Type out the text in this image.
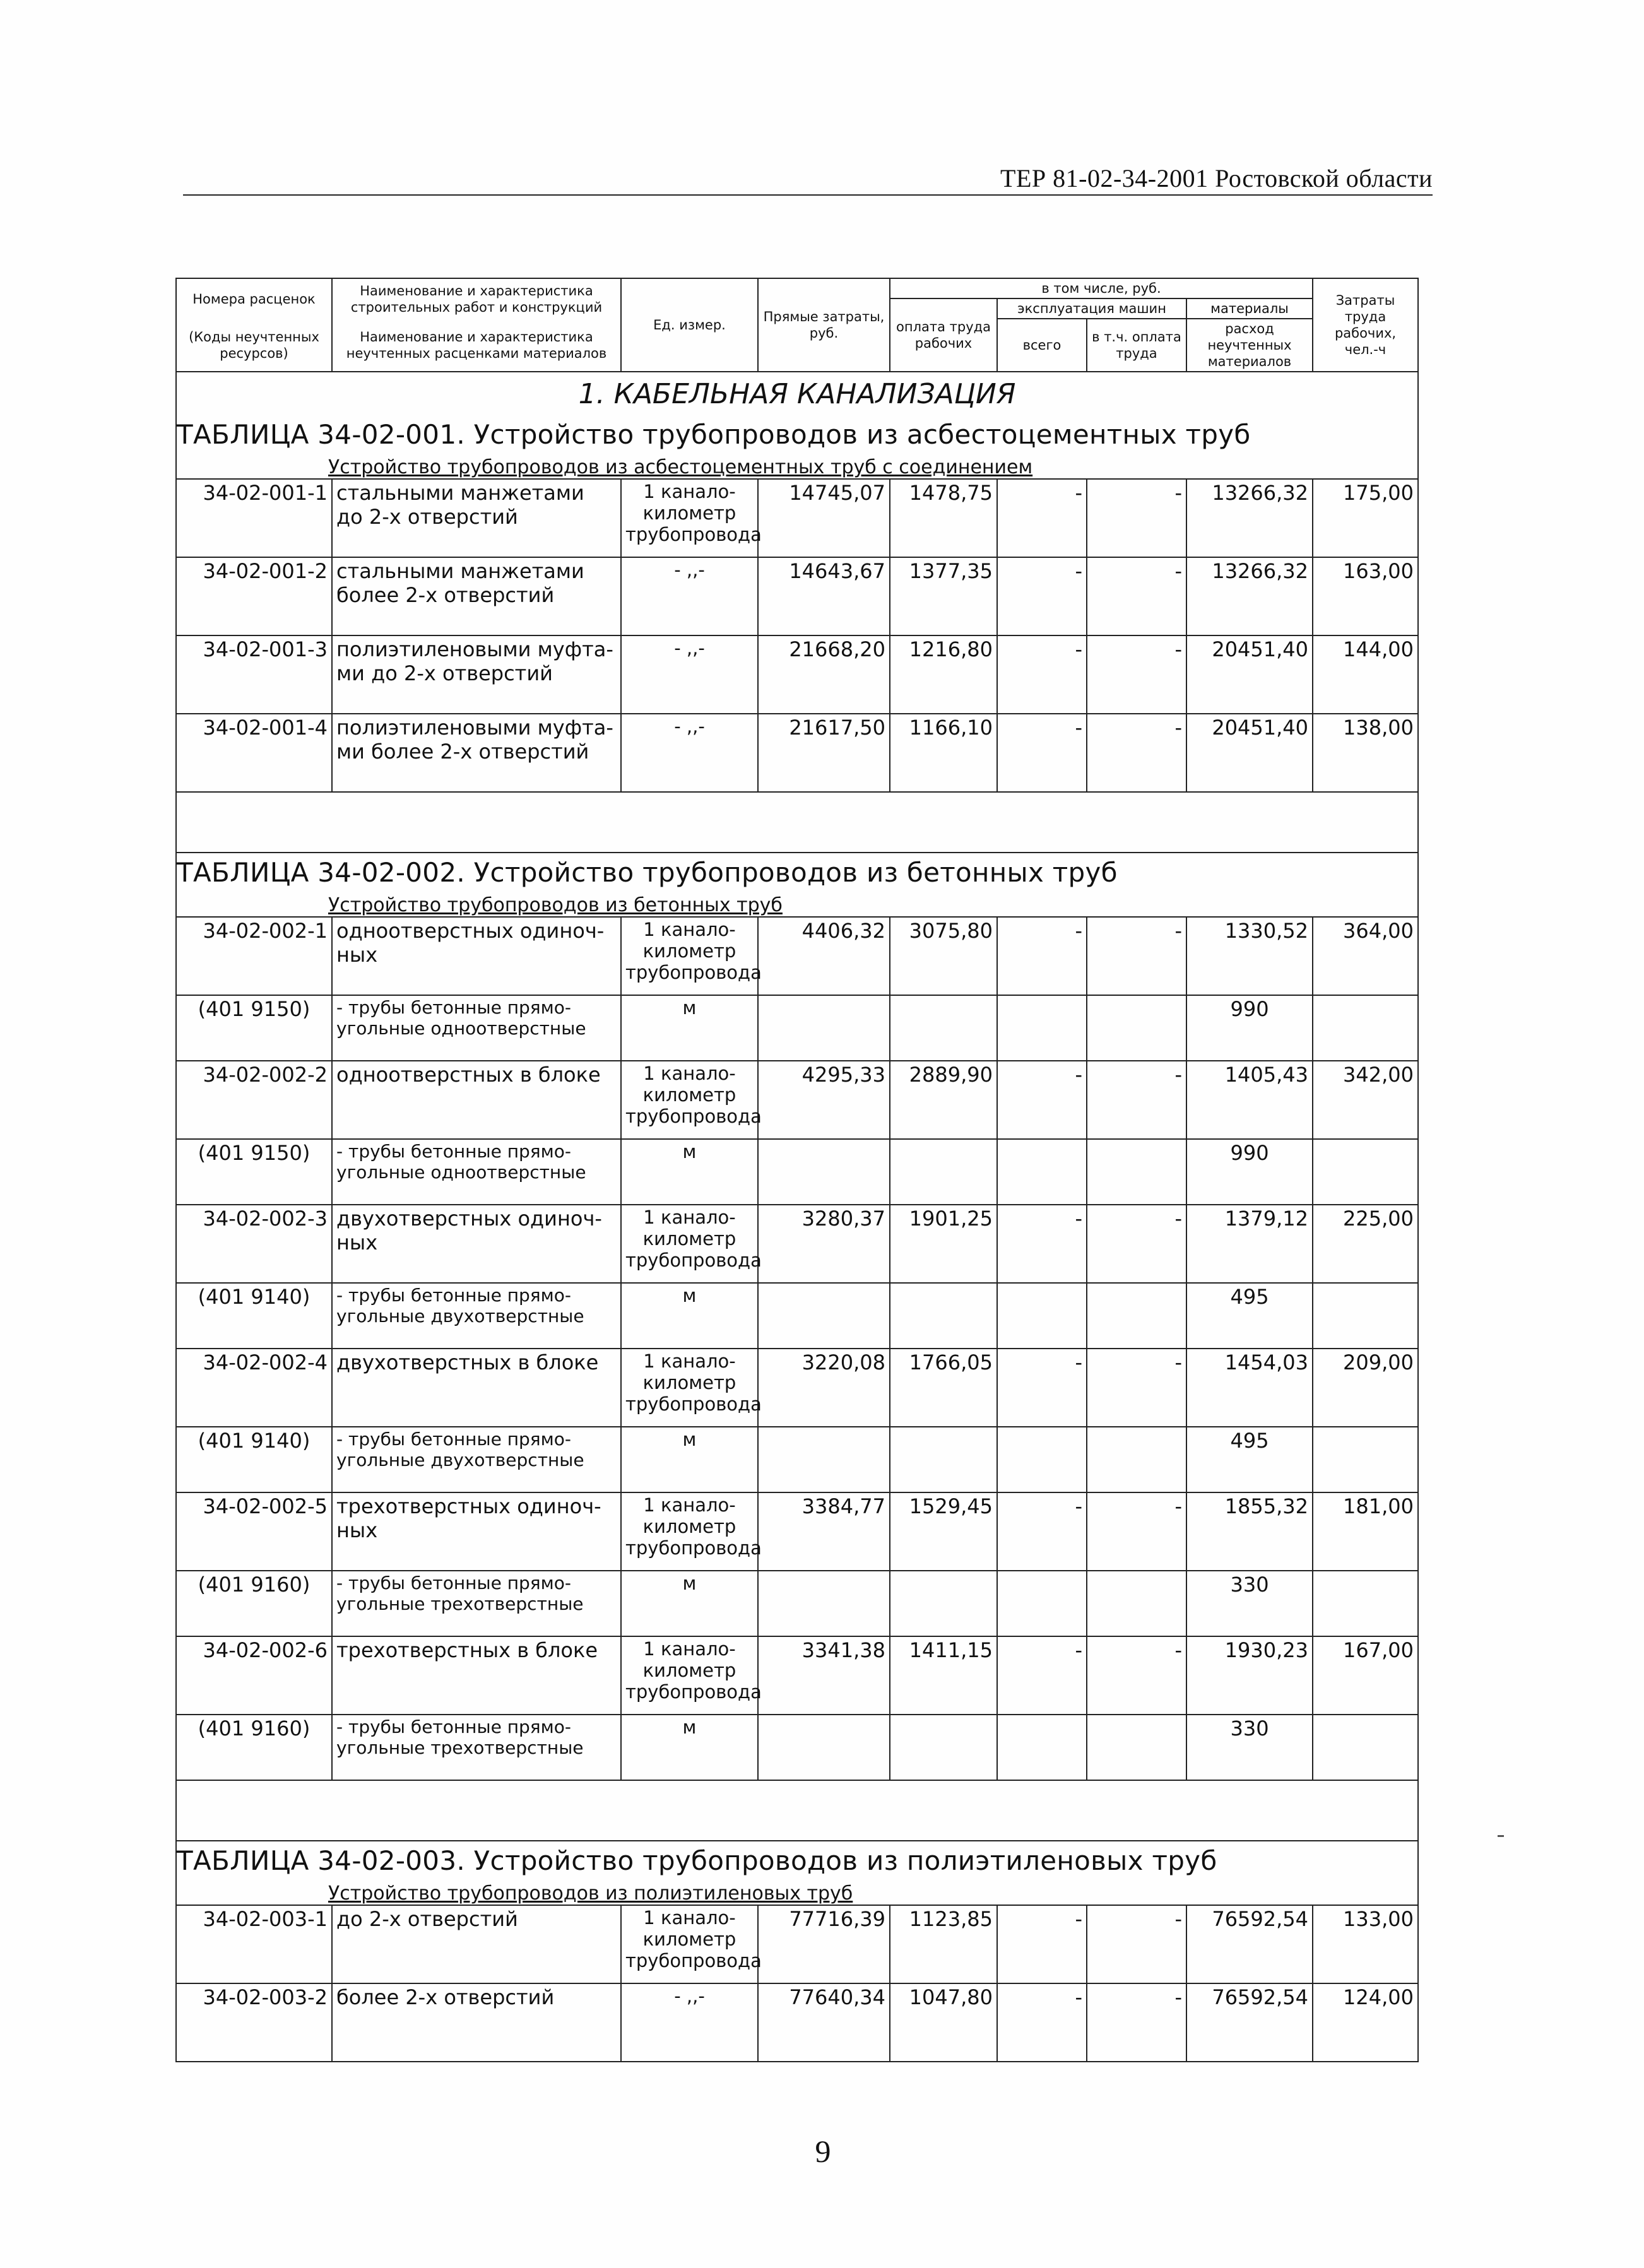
ТЕР 81-02-34-2001 Ростовской области
Номера расценок	Наименование и характеристика строительных работ и конструкций	Ед. измер.	Прямые затраты, руб.	в том числе, руб.				Затраты труда рабочих, чел.-ч
				оплата труда рабочих	эксплуатация машин		материалы	
(Коды неучтенных ресурсов)	Наименование и характеристика неучтенных расценками материалов				всего	в т.ч. оплата труда	расход неучтенных материалов	
1. КАБЕЛЬНАЯ КАНАЛИЗАЦИЯ								
ТАБЛИЦА 34-02-001. Устройство трубопроводов из асбестоцементных труб								
Устройство трубопроводов из асбестоцементных труб с соединением								
34-02-001-1	стальными манжетами до 2-х отверстий	1 канало-километр трубопровода	14745,07	1478,75	-	-	13266,32	175,00
34-02-001-2	стальными манжетами более 2-х отверстий	- ,,-	14643,67	1377,35	-	-	13266,32	163,00
34-02-001-3	полиэтиленовыми муфта-ми до 2-х отверстий	- ,,-	21668,20	1216,80	-	-	20451,40	144,00
34-02-001-4	полиэтиленовыми муфта-ми более 2-х отверстий	- ,,-	21617,50	1166,10	-	-	20451,40	138,00

ТАБЛИЦА 34-02-002. Устройство трубопроводов из бетонных труб								
Устройство трубопроводов из бетонных труб								
34-02-002-1	одноотверстных одиноч-ных	1 канало-километр трубопровода	4406,32	3075,80	-	-	1330,52	364,00
(401 9150)	- трубы бетонные прямо-угольные одноотверстные	м					990	
34-02-002-2	одноотверстных в блоке	1 канало-километр трубопровода	4295,33	2889,90	-	-	1405,43	342,00
(401 9150)	- трубы бетонные прямо-угольные одноотверстные	м					990	
34-02-002-3	двухотверстных одиноч-ных	1 канало-километр трубопровода	3280,37	1901,25	-	-	1379,12	225,00
(401 9140)	- трубы бетонные прямо-угольные двухотверстные	м					495	
34-02-002-4	двухотверстных в блоке	1 канало-километр трубопровода	3220,08	1766,05	-	-	1454,03	209,00
(401 9140)	- трубы бетонные прямо-угольные двухотверстные	м					495	
34-02-002-5	трехотверстных одиноч-ных	1 канало-километр трубопровода	3384,77	1529,45	-	-	1855,32	181,00
(401 9160)	- трубы бетонные прямо-угольные трехотверстные	м					330	
34-02-002-6	трехотверстных в блоке	1 канало-километр трубопровода	3341,38	1411,15	-	-	1930,23	167,00
(401 9160)	- трубы бетонные прямо-угольные трехотверстные	м					330	

ТАБЛИЦА 34-02-003. Устройство трубопроводов из полиэтиленовых труб								
Устройство трубопроводов из полиэтиленовых труб								
34-02-003-1	до 2-х отверстий	1 канало-километр трубопровода	77716,39	1123,85	-	-	76592,54	133,00
34-02-003-2	более 2-х отверстий	- ,,-	77640,34	1047,80	-	-	76592,54	124,00
9
